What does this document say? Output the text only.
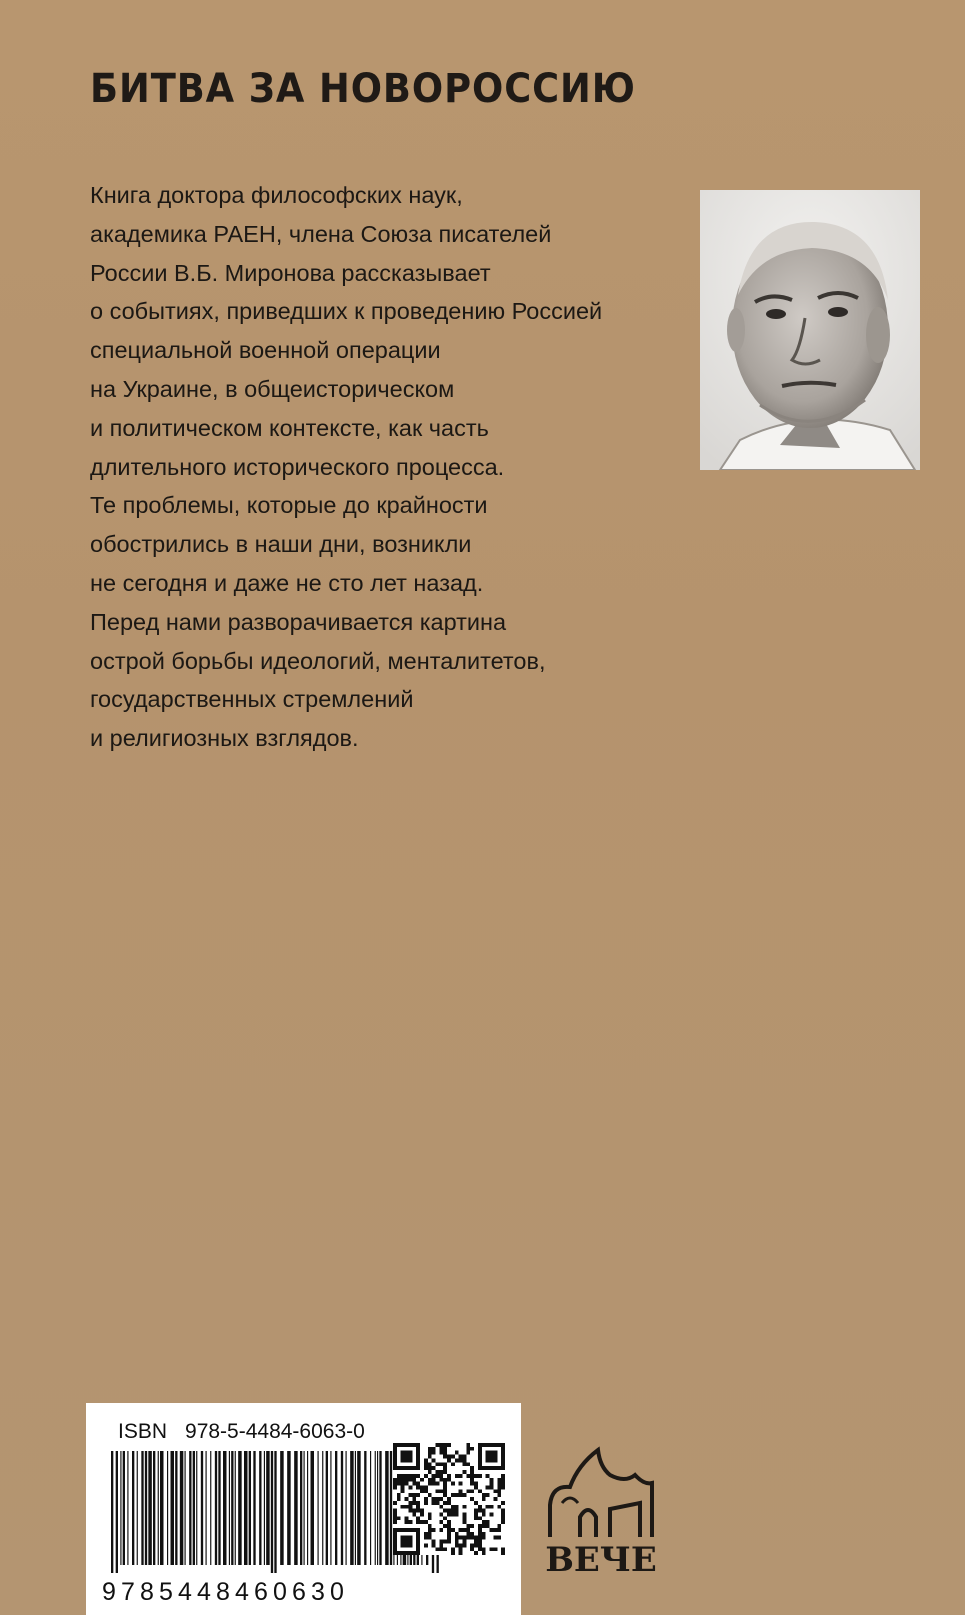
БИТВА ЗА НОВОРОССИЮ
Книга доктора философских наук,
академика РАЕН, члена Союза писателей
России В.Б. Миронова рассказывает
о событиях, приведших к проведению Россией
специальной военной операции
на Украине, в общеисторическом
и политическом контексте, как часть
длительного исторического процесса.
Те проблемы, которые до крайности
обострились в наши дни, возникли
не сегодня и даже не сто лет назад.
Перед нами разворачивается картина
острой борьбы идеологий, менталитетов,
государственных стремлений
и религиозных взглядов.

ISBN 978-5-4484-6063-0

9785448460630

ВЕЧЕ
